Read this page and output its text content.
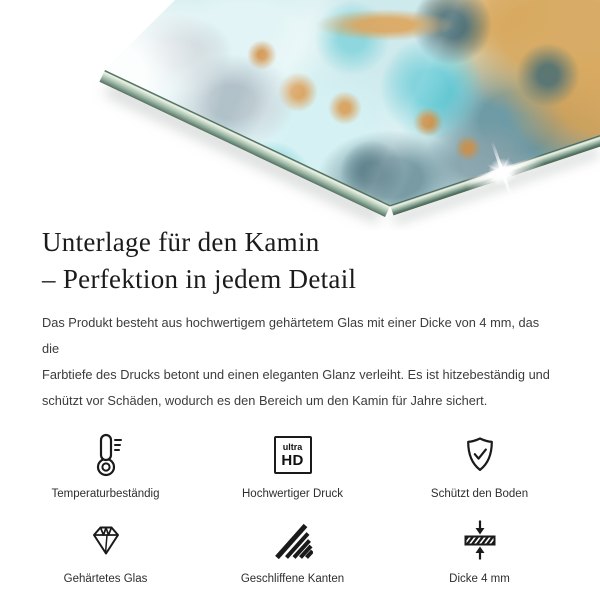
Unterlage für den Kamin
– Perfektion in jedem Detail
Das Produkt besteht aus hochwertigem gehärtetem Glas mit einer Dicke von 4 mm, das die
Farbtiefe des Drucks betont und einen eleganten Glanz verleiht. Es ist hitzebeständig und
schützt vor Schäden, wodurch es den Bereich um den Kamin für Jahre sichert.
Temperaturbeständig
ultra
HD
Hochwertiger Druck	Schützt den Boden
Gehärtetes Glas	Geschliffene Kanten	Dicke 4 mm
